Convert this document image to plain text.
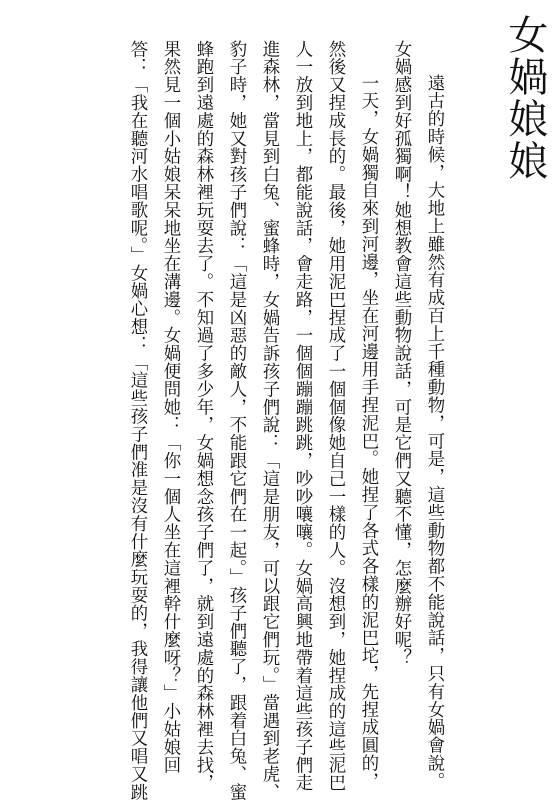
女媧娘娘
遠古的時候，大地上雖然有成百上千種動物，可是，這些動物都不能說話，只有女媧會說。
女媧感到好孤獨啊！她想教會這些動物說話，可是它們又聽不懂，怎麼辦好呢？
一天，女媧獨自來到河邊，坐在河邊用手捏泥巴。她捏了各式各樣的泥巴坨，先捏成圓的，
然後又捏成長的。最後，她用泥巴捏成了一個個像她自己一樣的人。沒想到，她捏成的這些泥巴
人一放到地上，都能說話，會走路，一個個蹦蹦跳跳，吵吵嚷嚷。女媧高興地帶着這些孩子們走
進森林，當見到白兔、蜜蜂時，女媧告訴孩子們說：「這是朋友，可以跟它們玩。」當遇到老虎、
豹子時，她又對孩子們說：「這是凶惡的敵人，不能跟它們在一起。」孩子們聽了，跟着白兔、蜜
蜂跑到遠處的森林裡玩耍去了。不知過了多少年，女媧想念孩子們了，就到遠處的森林裡去找，
果然見一個小姑娘呆呆地坐在溝邊。女媧便問她：「你一個人坐在這裡幹什麼呀？」小姑娘回
答：「我在聽河水唱歌呢。」女媧心想：「這些孩子們准是沒有什麼玩耍的，我得讓他們又唱又跳
